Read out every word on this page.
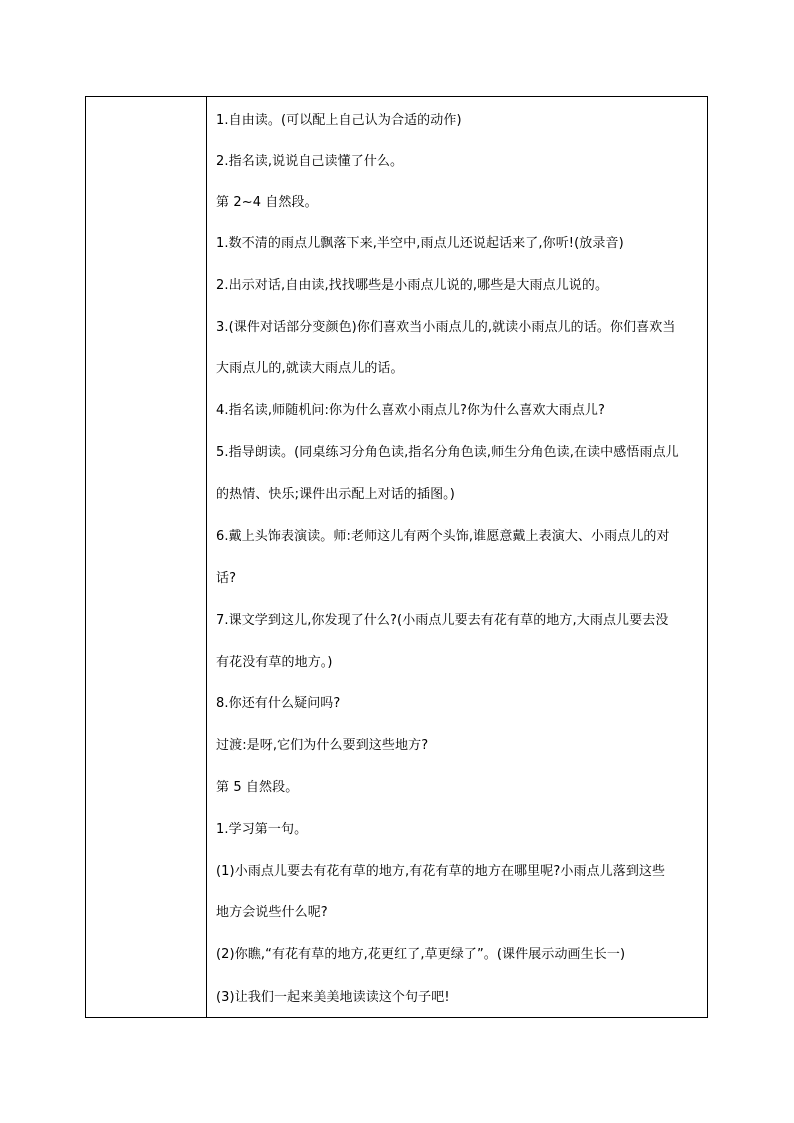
1.自由读。(可以配上自己认为合适的动作)
2.指名读,说说自己读懂了什么。
第 2~4 自然段。
1.数不清的雨点儿飘落下来,半空中,雨点儿还说起话来了,你听!(放录音)
2.出示对话,自由读,找找哪些是小雨点儿说的,哪些是大雨点儿说的。
3.(课件对话部分变颜色)你们喜欢当小雨点儿的,就读小雨点儿的话。你们喜欢当
大雨点儿的,就读大雨点儿的话。
4.指名读,师随机问:你为什么喜欢小雨点儿?你为什么喜欢大雨点儿?
5.指导朗读。(同桌练习分角色读,指名分角色读,师生分角色读,在读中感悟雨点儿
的热情、快乐;课件出示配上对话的插图。)
6.戴上头饰表演读。师:老师这儿有两个头饰,谁愿意戴上表演大、小雨点儿的对
话?
7.课文学到这儿,你发现了什么?(小雨点儿要去有花有草的地方,大雨点儿要去没
有花没有草的地方。)
8.你还有什么疑问吗?
过渡:是呀,它们为什么要到这些地方?
第 5 自然段。
1.学习第一句。
(1)小雨点儿要去有花有草的地方,有花有草的地方在哪里呢?小雨点儿落到这些
地方会说些什么呢?
(2)你瞧,“有花有草的地方,花更红了,草更绿了”。(课件展示动画生长一)
(3)让我们一起来美美地读读这个句子吧!
